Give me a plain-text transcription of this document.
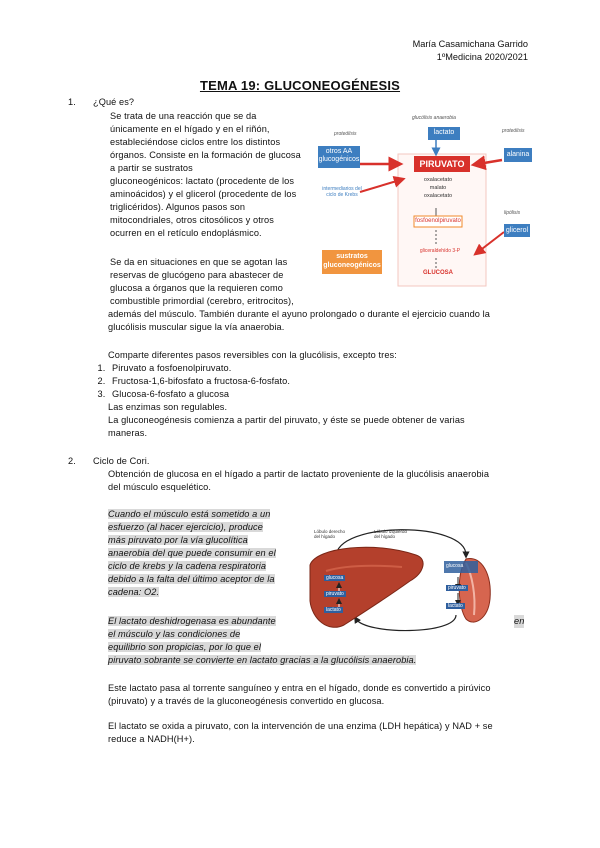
María Casamichana Garrido
1ºMedicina 2020/2021
TEMA 19: GLUCONEOGÉNESIS
1. ¿Qué es?
Se trata de una reacción que se da
únicamente en el hígado y en el riñón,
estableciéndose ciclos entre los distintos
órganos. Consiste en la formación de glucosa
a partir se sustratos
gluconeogénicos: lactato (procedente de los
aminoácidos) y el glicerol (procedente de los
triglicéridos). Algunos pasos son
mitocondriales, otros citosólicos y otros
ocurren en el retículo endoplásmico.
Se da en situaciones en que se agotan las
reservas de glucógeno para abastecer de
glucosa a órganos que la requieren como
combustible primordial (cerebro, eritrocitos),
además del músculo. También durante el ayuno prolongado o durante el ejercicio cuando la
glucólisis muscular sigue la vía anaerobia.
Comparte diferentes pasos reversibles con la glucólisis, excepto tres:
1. Piruvato a fosfoenolpiruvato.
2. Fructosa-1,6-bifosfato a fructosa-6-fosfato.
3. Glucosa-6-fosfato a glucosa
Las enzimas son regulables.
La gluconeogénesis comienza a partir del piruvato, y éste se puede obtener de varias
maneras.
glucólisis anaerobia
proteólisis	proteólisis
lipólisis
lactato
otros AA
glucogénicos	PIRUVATO
alanina
intermediarios del
ciclo de Krebs
oxalacetato
malato
oxalacetato
fosfoenolpiruvato
glicerol
gliceraldehído 3-P
GLUCOSA
sustratos
gluconeogénicos
2. Ciclo de Cori.
Obtención de glucosa en el hígado a partir de lactato proveniente de la glucólisis anaerobia
del músculo esquelético.
Cuando el músculo está sometido a un
esfuerzo (al hacer ejercicio), produce
más piruvato por la vía glucolítica
anaerobia del que puede consumir en el
ciclo de krebs y la cadena respiratoria
debido a la falta del último aceptor de la
cadena: O2.
El lactato deshidrogenasa es abundante	en
el músculo y las condiciones de
equilibrio son propicias, por lo que el
piruvato sobrante se convierte en lactato gracias a la glucólisis anaerobia.
Lóbulo derecho
del hígado
Lóbulo izquierdo
del hígado
glucosa
piruvato
lactato
glucosa
piruvato
lactato
Este lactato pasa al torrente sanguíneo y entra en el hígado, donde es convertido a pirúvico
(piruvato) y a través de la gluconeogénesis convertido en glucosa.
El lactato se oxida a piruvato, con la intervención de una enzima (LDH hepática) y NAD + se
reduce a NADH(H+).
